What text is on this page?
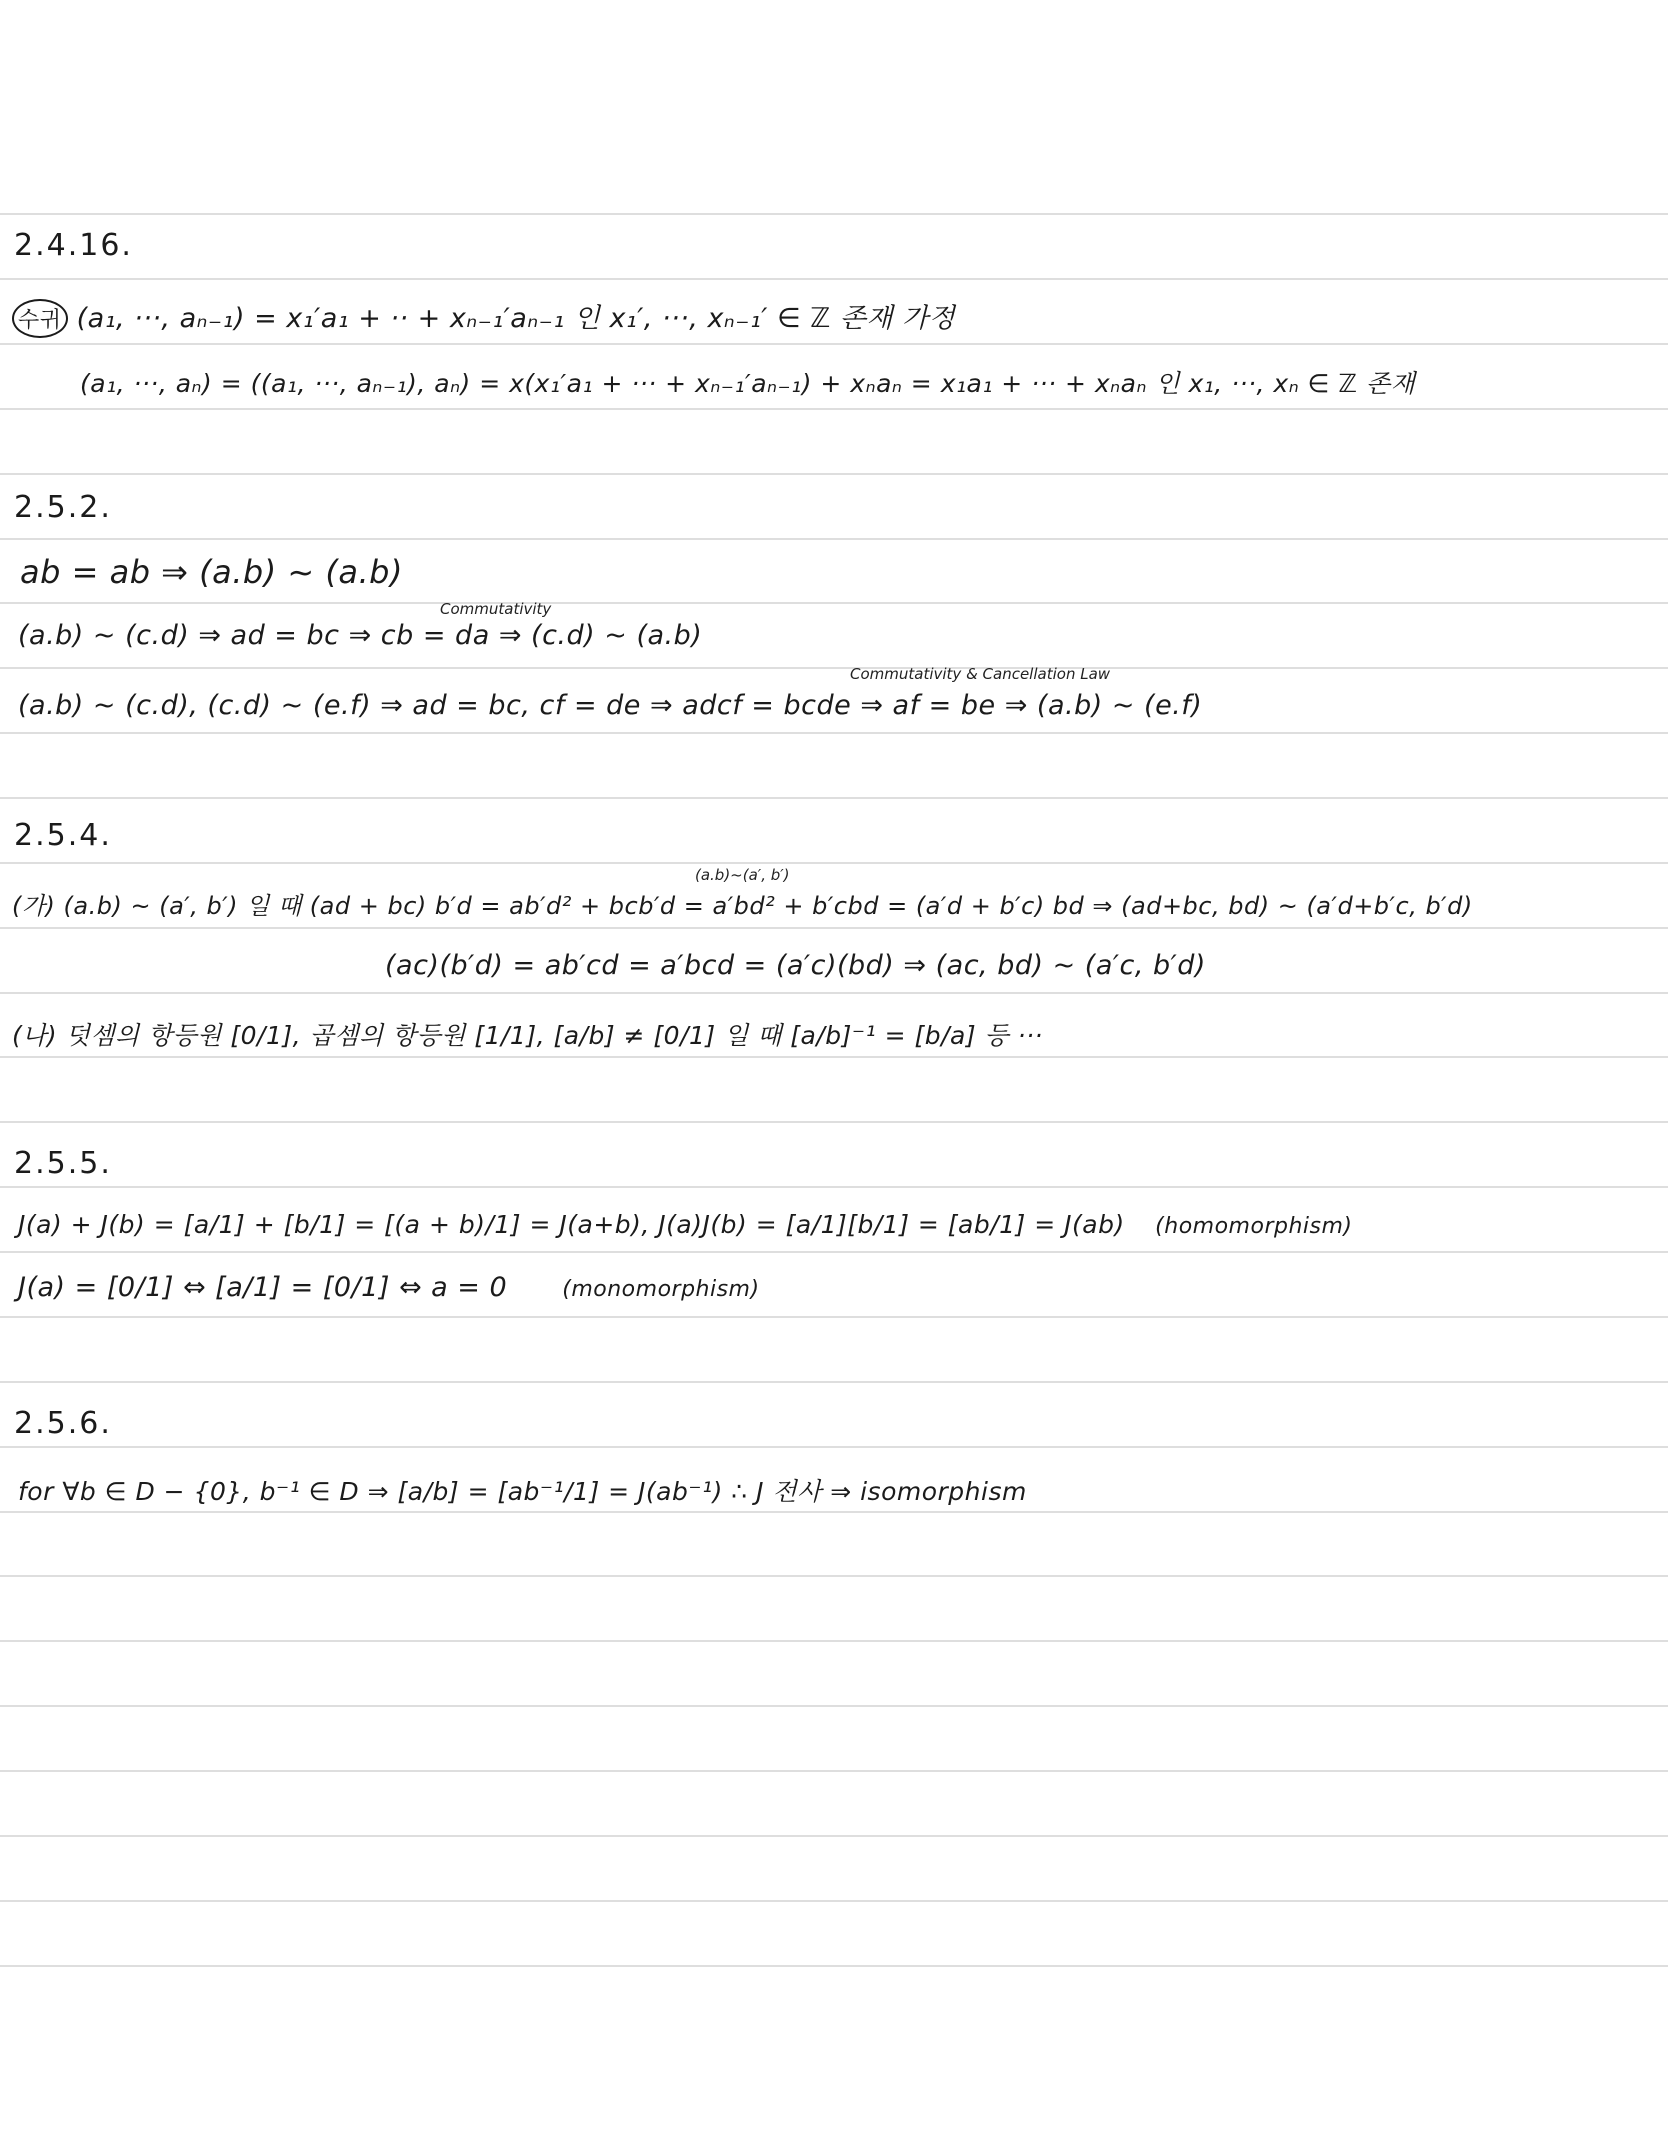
2.4.16.
수귀 (a₁, ···, aₙ₋₁) = x₁′a₁ + ·· + xₙ₋₁′aₙ₋₁ 인 x₁′, ···, xₙ₋₁′ ∈ ℤ 존재 가정
(a₁, ···, aₙ) = ((a₁, ···, aₙ₋₁), aₙ) = x(x₁′a₁ + ··· + xₙ₋₁′aₙ₋₁) + xₙaₙ = x₁a₁ + ··· + xₙaₙ 인 x₁, ···, xₙ ∈ ℤ 존재
2.5.2.
ab = ab ⇒ (a.b) ~ (a.b)
Commutativity
(a.b) ~ (c.d) ⇒ ad = bc ⇒ cb = da ⇒ (c.d) ~ (a.b)
Commutativity & Cancellation Law
(a.b) ~ (c.d), (c.d) ~ (e.f) ⇒ ad = bc, cf = de ⇒ adcf = bcde ⇒ af = be ⇒ (a.b) ~ (e.f)
2.5.4.
(a.b)~(a′, b′)
(가) (a.b) ~ (a′, b′) 일 때 (ad + bc) b′d = ab′d² + bcb′d = a′bd² + b′cbd = (a′d + b′c) bd ⇒ (ad+bc, bd) ~ (a′d+b′c, b′d)
(ac)(b′d) = ab′cd = a′bcd = (a′c)(bd) ⇒ (ac, bd) ~ (a′c, b′d)
(나) 덧셈의 항등원 [0/1], 곱셈의 항등원 [1/1], [a/b] ≠ [0/1] 일 때 [a/b]⁻¹ = [b/a] 등 ···
2.5.5.
J(a) + J(b) = [a/1] + [b/1] = [(a + b)/1] = J(a+b), J(a)J(b) = [a/1][b/1] = [ab/1] = J(ab) (homomorphism)
J(a) = [0/1] ⇔ [a/1] = [0/1] ⇔ a = 0	(monomorphism)
2.5.6.
for ∀b ∈ D − {0}, b⁻¹ ∈ D ⇒ [a/b] = [ab⁻¹/1] = J(ab⁻¹) ∴ J 전사 ⇒ isomorphism
